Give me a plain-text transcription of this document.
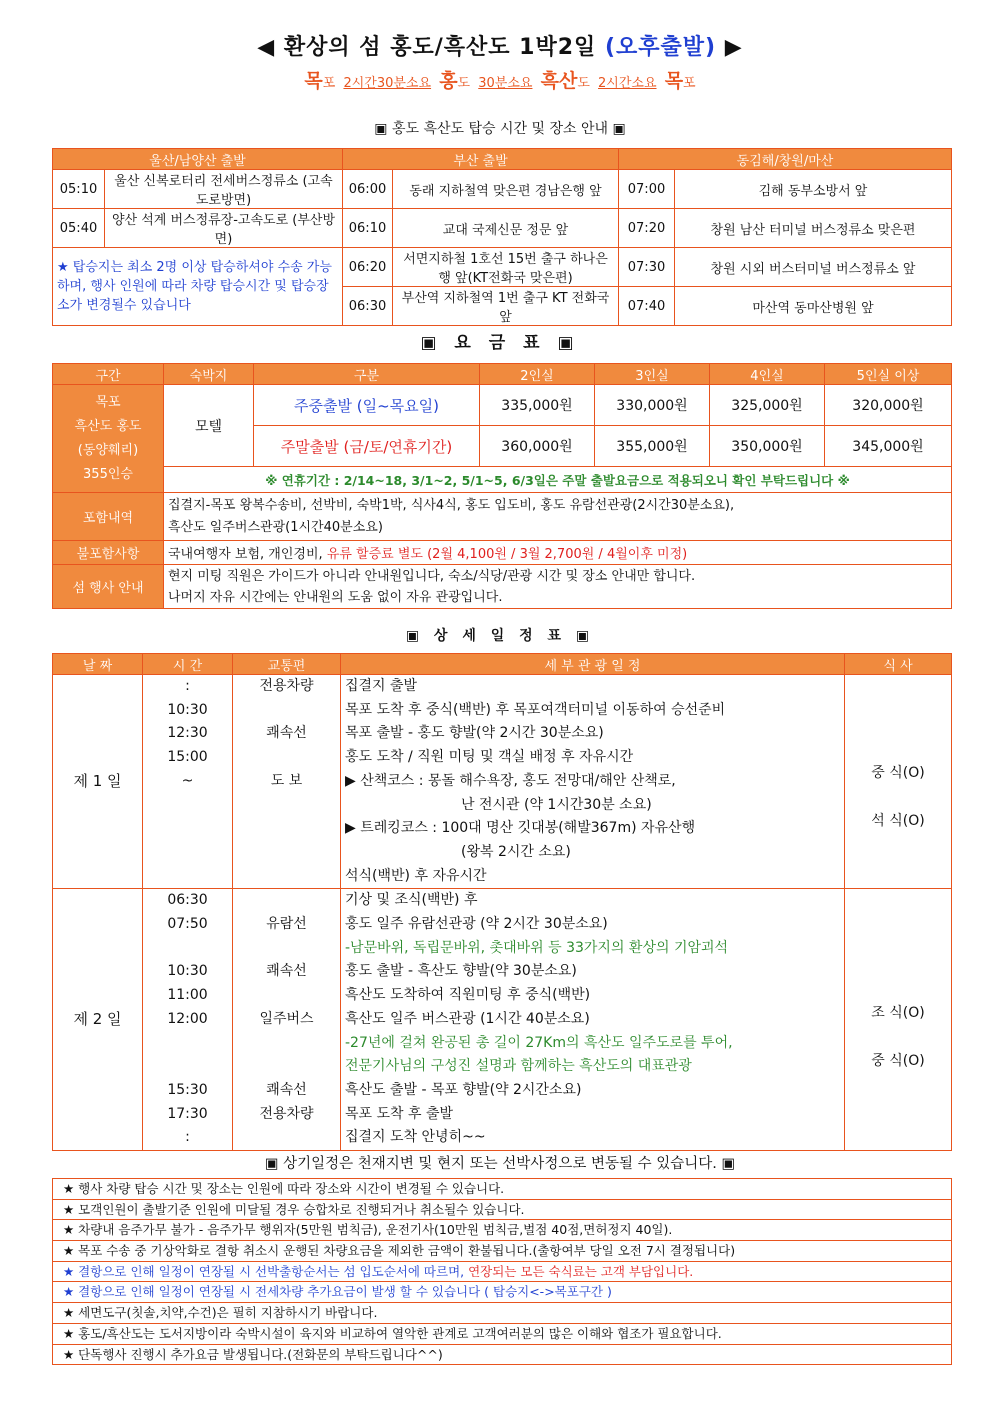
◀ 환상의 섬 홍도/흑산도 1박2일 (오후출발) ▶
목포 2시간30분소요 홍도 30분소요 흑산도 2시간소요 목포
▣ 홍도 흑산도 탑승 시간 및 장소 안내 ▣
울산/남양산 출발		부산 출발		동김해/창원/마산	
05:10	울산 신복로터리 전세버스정류소 (고속도로방면)	06:00	동래 지하철역 맞은편 경남은행 앞	07:00	김해 동부소방서 앞
05:40	양산 석계 버스정류장-고속도로 (부산방면)	06:10	교대 국제신문 정문 앞	07:20	창원 남산 터미널 버스정류소 맞은편
★ 탑승지는 최소 2명 이상 탑승하셔야 수송 가능하며, 행사 인원에 따라 차량 탑승시간 및 탑승장소가 변경될수 있습니다		06:20	서면지하철 1호선 15번 출구 하나은행 앞(KT전화국 맞은편)	07:30	창원 시외 버스터미널 버스정류소 앞
		06:30	부산역 지하철역 1번 출구 KT 전화국 앞	07:40	마산역 동마산병원 앞
▣ 요 금 표 ▣
구간	숙박지	구분	2인실	3인실	4인실	5인실 이상

목포
흑산도 홍도
(동양훼리)
355인승	모텔	주중출발 (일~목요일)	335,000원	330,000원	325,000원	320,000원
		주말출발 (금/토/연휴기간)	360,000원	355,000원	350,000원	345,000원
	※ 연휴기간 : 2/14~18, 3/1~2, 5/1~5, 6/3일은 주말 출발요금으로 적용되오니 확인 부탁드립니다 ※					
포함내역	집결지-목포 왕복수송비, 선박비, 숙박1박, 식사4식, 홍도 입도비, 홍도 유람선관광(2시간30분소요),
흑산도 일주버스관광(1시간40분소요)					

불포함사항	국내여행자 보험, 개인경비, 유류 할증료 별도 (2월 4,100원 / 3월 2,700원 / 4월이후 미정)					
섬 행사 안내	현지 미팅 직원은 가이드가 아니라 안내원입니다, 숙소/식당/관광 시간 및 장소 안내만 합니다.
나머지 자유 시간에는 안내원의 도움 없이 자유 관광입니다.					
▣ 상 세 일 정 표 ▣
날 짜	시 간	교통편	세 부 관 광 일 정	식 사
제 1 일	:	전용차량	집결지 출발	중 식(O)
석 식(O)

	10:30		목포 도착 후 중식(백반) 후 목포여객터미널 이동하여 승선준비	
	12:30	쾌속선	목포 출발 - 홍도 향발(약 2시간 30분소요)	
	15:00		홍도 도착 / 직원 미팅 및 객실 배정 후 자유시간	
	~	도 보	▶ 산책코스 : 몽돌 해수욕장, 홍도 전망대/해안 산책로,	
			난 전시관 (약 1시간30분 소요)	
			▶ 트레킹코스 : 100대 명산 깃대봉(해발367m) 자유산행	
			(왕복 2시간 소요)	
			석식(백반) 후 자유시간	
제 2 일	06:30		기상 및 조식(백반) 후	조 식(O)
중 식(O)

	07:50	유람선	홍도 일주 유람선관광 (약 2시간 30분소요)	
			-남문바위, 독립문바위, 촛대바위 등 33가지의 환상의 기암괴석	
	10:30	쾌속선	홍도 출발 - 흑산도 향발(약 30분소요)	
	11:00		흑산도 도착하여 직원미팅 후 중식(백반)	
	12:00	일주버스	흑산도 일주 버스관광 (1시간 40분소요)	
			-27년에 걸쳐 완공된 총 길이 27Km의 흑산도 일주도로를 투어,	
			전문기사님의 구성진 설명과 함께하는 흑산도의 대표관광	
	15:30	쾌속선	흑산도 출발 - 목포 향발(약 2시간소요)	
	17:30	전용차량	목포 도착 후 출발	
	:		집결지 도착 안녕히~~	
▣ 상기일정은 천재지변 및 현지 또는 선박사정으로 변동될 수 있습니다. ▣
★ 행사 차량 탑승 시간 및 장소는 인원에 따라 장소와 시간이 변경될 수 있습니다.
★ 모객인원이 출발기준 인원에 미달될 경우 승합차로 진행되거나 취소될수 있습니다.
★ 차량내 음주가무 불가 - 음주가무 행위자(5만원 범칙금), 운전기사(10만원 범칙금,벌점 40점,면허정지 40일).
★ 목포 수송 중 기상악화로 결항 취소시 운행된 차량요금을 제외한 금액이 환불됩니다.(출항여부 당일 오전 7시 결정됩니다)
★ 결항으로 인해 일정이 연장될 시 선박출항순서는 섬 입도순서에 따르며, 연장되는 모든 숙식료는 고객 부담입니다.
★ 결항으로 인해 일정이 연장될 시 전세차량 추가요금이 발생 할 수 있습니다 ( 탑승지<->목포구간 )
★ 세면도구(칫솔,치약,수건)은 필히 지참하시기 바랍니다.
★ 홍도/흑산도는 도서지방이라 숙박시설이 육지와 비교하여 열악한 관계로 고객여러분의 많은 이해와 협조가 필요합니다.
★ 단독행사 진행시 추가요금 발생됩니다.(전화문의 부탁드립니다^^)
